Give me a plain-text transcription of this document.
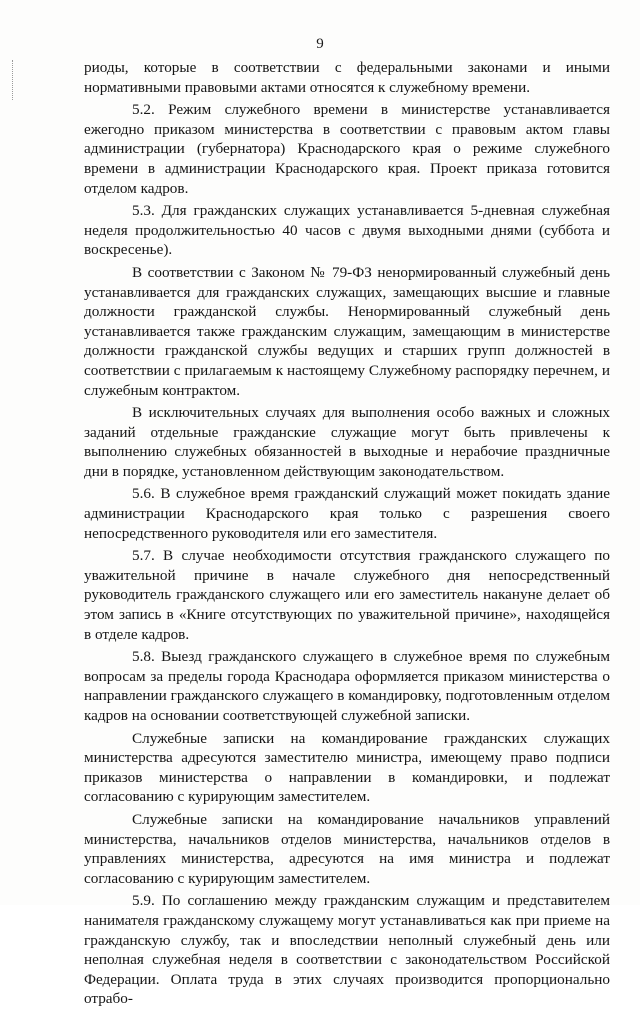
9

риоды, которые в соответствии с федеральными законами и иными нормативными правовыми актами относятся к служебному времени.

5.2. Режим служебного времени в министерстве устанавливается ежегодно приказом министерства в соответствии с правовым актом главы администрации (губернатора) Краснодарского края о режиме служебного времени в администрации Краснодарского края. Проект приказа готовится отделом кадров.

5.3. Для гражданских служащих устанавливается 5-дневная служебная неделя продолжительностью 40 часов с двумя выходными днями (суббота и воскресенье).

В соответствии с Законом № 79-ФЗ ненормированный служебный день устанавливается для гражданских служащих, замещающих высшие и главные должности гражданской службы. Ненормированный служебный день устанавливается также гражданским служащим, замещающим в министерстве должности гражданской службы ведущих и старших групп должностей в соответствии с прилагаемым к настоящему Служебному распорядку перечнем, и служебным контрактом.

В исключительных случаях для выполнения особо важных и сложных заданий отдельные гражданские служащие могут быть привлечены к выполнению служебных обязанностей в выходные и нерабочие праздничные дни в порядке, установленном действующим законодательством.

5.6. В служебное время гражданский служащий может покидать здание администрации Краснодарского края только с разрешения своего непосредственного руководителя или его заместителя.

5.7. В случае необходимости отсутствия гражданского служащего по уважительной причине в начале служебного дня непосредственный руководитель гражданского служащего или его заместитель накануне делает об этом запись в «Книге отсутствующих по уважительной причине», находящейся в отделе кадров.

5.8. Выезд гражданского служащего в служебное время по служебным вопросам за пределы города Краснодара оформляется приказом министерства о направлении гражданского служащего в командировку, подготовленным отделом кадров на основании соответствующей служебной записки.

Служебные записки на командирование гражданских служащих министерства адресуются заместителю министра, имеющему право подписи приказов министерства о направлении в командировки, и подлежат согласованию с курирующим заместителем.

Служебные записки на командирование начальников управлений министерства, начальников отделов министерства, начальников отделов в управлениях министерства, адресуются на имя министра и подлежат согласованию с курирующим заместителем.

5.9. По соглашению между гражданским служащим и представителем нанимателя гражданскому служащему могут устанавливаться как при приеме на гражданскую службу, так и впоследствии неполный служебный день или неполная служебная неделя в соответствии с законодательством Российской Федерации. Оплата труда в этих случаях производится пропорционально отрабо-
